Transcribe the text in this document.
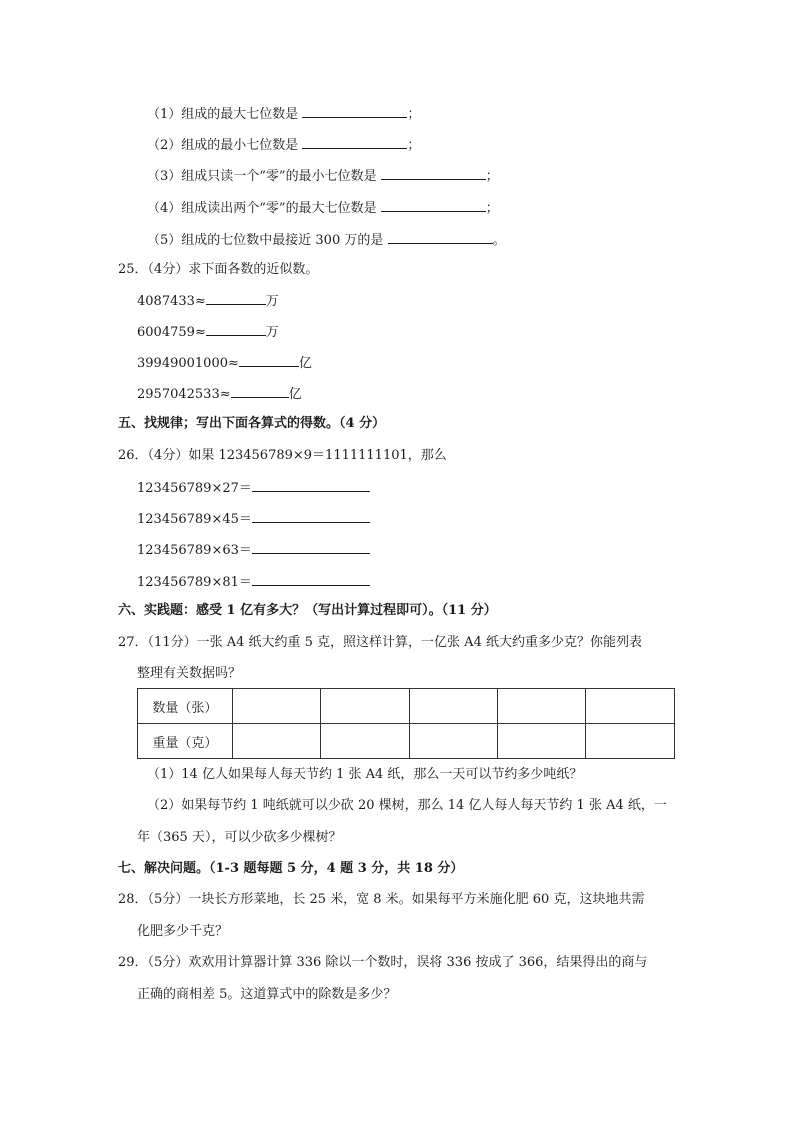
（1）组成的最大七位数是	；
（2）组成的最小七位数是	；
（3）组成只读一个“零”的最小七位数是	；
（4）组成读出两个“零”的最大七位数是	；
（5）组成的七位数中最接近 300 万的是	。
25．（4分）求下面各数的近似数。
4087433≈	万
6004759≈	万
39949001000≈	亿
2957042533≈	亿
五、找规律；写出下面各算式的得数。（4 分）
26．（4分）如果 123456789×9＝1111111101，那么
123456789×27＝
123456789×45＝
123456789×63＝
123456789×81＝
六、实践题：感受 1 亿有多大？（写出计算过程即可）。（11 分）
27．（11分）一张 A4 纸大约重 5 克，照这样计算，一亿张 A4 纸大约重多少克？你能列表
整理有关数据吗？
数量（张）					
重量（克）					
（1）14 亿人如果每人每天节约 1 张 A4 纸，那么一天可以节约多少吨纸？
（2）如果每节约 1 吨纸就可以少砍 20 棵树，那么 14 亿人每人每天节约 1 张 A4 纸，一
年（365 天），可以少砍多少棵树？
七、解决问题。（1-3 题每题 5 分，4 题 3 分，共 18 分）
28．（5分）一块长方形菜地，长 25 米，宽 8 米。如果每平方米施化肥 60 克，这块地共需
化肥多少千克？
29．（5分）欢欢用计算器计算 336 除以一个数时，误将 336 按成了 366，结果得出的商与
正确的商相差 5。这道算式中的除数是多少？
